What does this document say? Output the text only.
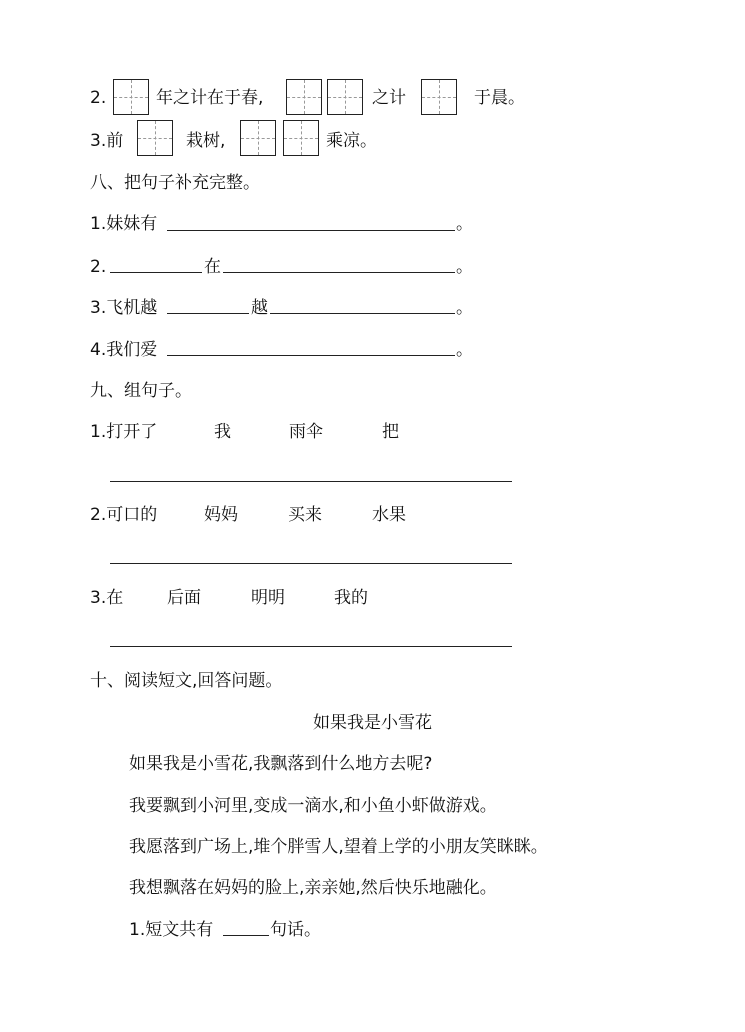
2.	年之计在于春,	之计	于晨。
3.前	栽树,	乘凉。
八、把句子补充完整。
1.妹妹有	。
2.	在	。
3.飞机越	越	。
4.我们爱	。
九、组句子。
1.打开了	我	雨伞	把
2.可口的	妈妈	买来	水果
3.在	后面	明明	我的
十、阅读短文,回答问题。
如果我是小雪花
如果我是小雪花,我飘落到什么地方去呢?
我要飘到小河里,变成一滴水,和小鱼小虾做游戏。
我愿落到广场上,堆个胖雪人,望着上学的小朋友笑眯眯。
我想飘落在妈妈的脸上,亲亲她,然后快乐地融化。
1.短文共有	句话。
